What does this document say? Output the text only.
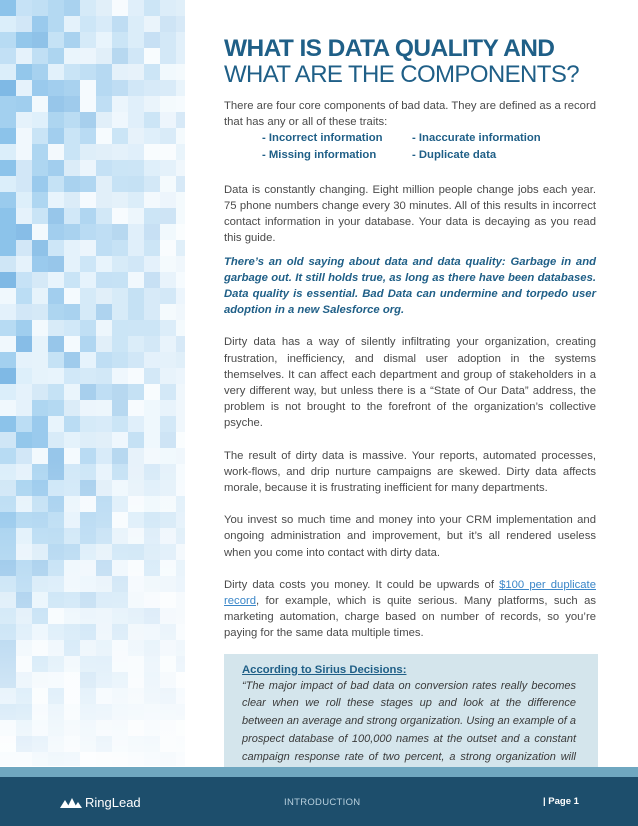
WHAT IS DATA QUALITY AND
WHAT ARE THE COMPONENTS?

There are four core components of bad data. They are defined as a record that has any or all of these traits:

- Incorrect information	- Inaccurate information
- Missing information	- Duplicate data

Data is constantly changing. Eight million people change jobs each year. 75 phone numbers change every 30 minutes. All of this results in incorrect contact information in your database. Your data is decaying as you read this guide.

There’s an old saying about data and data quality: Garbage in and garbage out. It still holds true, as long as there have been databases. Data quality is essential. Bad Data can undermine and torpedo user adoption in a new Salesforce org.

Dirty data has a way of silently infiltrating your organization, creating frustration, inefficiency, and dismal user adoption in the systems themselves. It can affect each department and group of stakeholders in a very different way, but unless there is a “State of Our Data” address, the problem is not brought to the forefront of the organization’s collective psyche.

The result of dirty data is massive. Your reports, automated processes, work-flows, and drip nurture campaigns are skewed. Dirty data affects morale, because it is frustrating inefficient for many departments.

You invest so much time and money into your CRM implementation and ongoing administration and improvement, but it’s all rendered useless when you come into contact with dirty data.

Dirty data costs you money. It could be upwards of $100 per duplicate record, for example, which is quite serious. Many platforms, such as marketing automation, charge based on number of records, so you’re paying for the same data multiple times.

According to Sirius Decisions:
“The major impact of bad data on conversion rates really becomes clear when we roll these stages up and look at the difference between an average and strong organization. Using an example of a prospect database of 100,000 names at the outset and a constant campaign response rate of two percent, a strong organization will
RingLead	INTRODUCTION	| Page 1
